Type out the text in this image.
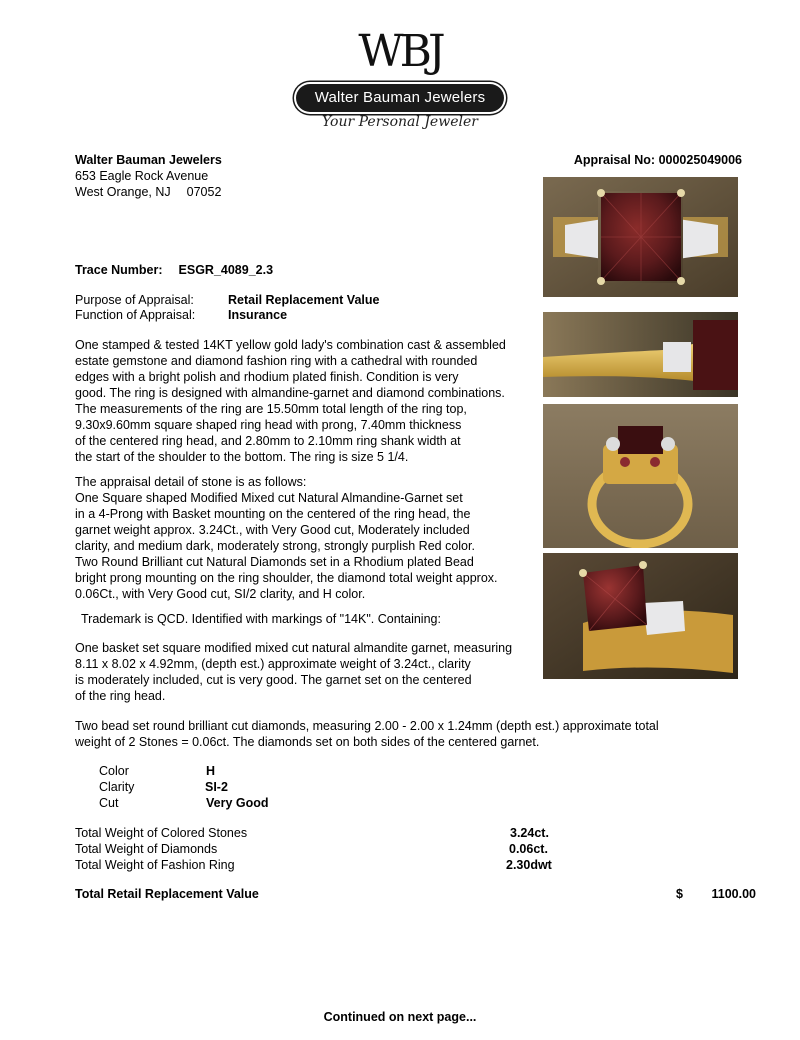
WBJ
Walter Bauman Jewelers
Your Personal Jeweler
Walter Bauman Jewelers
653 Eagle Rock Avenue
West Orange, NJ 07052
Appraisal No: 000025049006
Trace Number: ESGR_4089_2.3
Purpose of Appraisal:	Retail Replacement Value
Function of Appraisal:	Insurance
One stamped & tested 14KT yellow gold lady's combination cast & assembled
estate gemstone and diamond fashion ring with a cathedral with rounded
edges with a bright polish and rhodium plated finish. Condition is very
good. The ring is designed with almandine-garnet and diamond combinations.
The measurements of the ring are 15.50mm total length of the ring top,
9.30x9.60mm square shaped ring head with prong, 7.40mm thickness
of the centered ring head, and 2.80mm to 2.10mm ring shank width at
the start of the shoulder to the bottom. The ring is size 5 1/4.
The appraisal detail of stone is as follows:
One Square shaped Modified Mixed cut Natural Almandine-Garnet set
in a 4-Prong with Basket mounting on the centered of the ring head, the
garnet weight approx. 3.24Ct., with Very Good cut, Moderately included
clarity, and medium dark, moderately strong, strongly purplish Red color.
Two Round Brilliant cut Natural Diamonds set in a Rhodium plated Bead
bright prong mounting on the ring shoulder, the diamond total weight approx.
0.06Ct., with Very Good cut, SI/2 clarity, and H color.
Trademark is QCD. Identified with markings of "14K". Containing:
One basket set square modified mixed cut natural almandite garnet, measuring
8.11 x 8.02 x 4.92mm, (depth est.) approximate weight of 3.24ct., clarity
is moderately included, cut is very good. The garnet set on the centered
of the ring head.
Two bead set round brilliant cut diamonds, measuring 2.00 - 2.00 x 1.24mm (depth est.) approximate total
weight of 2 Stones = 0.06ct. The diamonds set on both sides of the centered garnet.
Color	H
Clarity	SI-2
Cut	Very Good
Total Weight of Colored Stones	3.24ct.
Total Weight of Diamonds	0.06ct.
Total Weight of Fashion Ring	2.30dwt
Total Retail Replacement Value	$ 1100.00
Continued on next page...
